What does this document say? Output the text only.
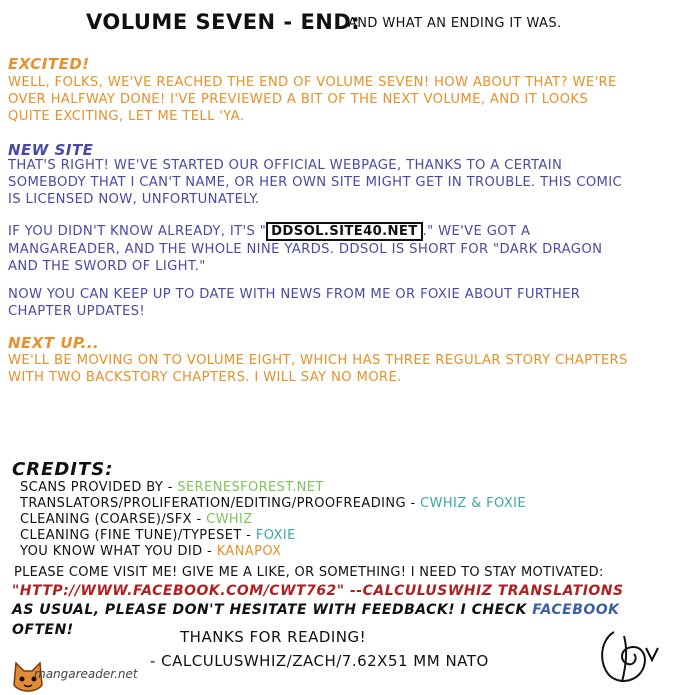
VOLUME SEVEN - END:
AND WHAT AN ENDING IT WAS.
EXCITED!
WELL, FOLKS, WE'VE REACHED THE END OF VOLUME SEVEN! HOW ABOUT THAT? WE'RE
OVER HALFWAY DONE! I'VE PREVIEWED A BIT OF THE NEXT VOLUME, AND IT LOOKS
QUITE EXCITING, LET ME TELL 'YA.
NEW SITE
THAT'S RIGHT! WE'VE STARTED OUR OFFICIAL WEBPAGE, THANKS TO A CERTAIN
SOMEBODY THAT I CAN'T NAME, OR HER OWN SITE MIGHT GET IN TROUBLE. THIS COMIC
IS LICENSED NOW, UNFORTUNATELY.
IF YOU DIDN'T KNOW ALREADY, IT'S " DDSOL.SITE40.NET ." WE'VE GOT A
MANGAREADER, AND THE WHOLE NINE YARDS. DDSOL IS SHORT FOR "DARK DRAGON
AND THE SWORD OF LIGHT."
NOW YOU CAN KEEP UP TO DATE WITH NEWS FROM ME OR FOXIE ABOUT FURTHER
CHAPTER UPDATES!
NEXT UP...
WE'LL BE MOVING ON TO VOLUME EIGHT, WHICH HAS THREE REGULAR STORY CHAPTERS
WITH TWO BACKSTORY CHAPTERS. I WILL SAY NO MORE.
CREDITS:
SCANS PROVIDED BY - SERENESFOREST.NET
TRANSLATORS/PROLIFERATION/EDITING/PROOFREADING - CWHIZ & FOXIE
CLEANING (COARSE)/SFX - CWHIZ
CLEANING (FINE TUNE)/TYPESET - FOXIE
YOU KNOW WHAT YOU DID - KANAPOX
PLEASE COME VISIT ME! GIVE ME A LIKE, OR SOMETHING! I NEED TO STAY MOTIVATED:
"HTTP://WWW.FACEBOOK.COM/CWT762" --CALCULUSWHIZ TRANSLATIONS
AS USUAL, PLEASE DON'T HESITATE WITH FEEDBACK! I CHECK FACEBOOK
OFTEN!	THANKS FOR READING!
- CALCULUSWHIZ/ZACH/7.62X51 MM NATO
mangareader.net
